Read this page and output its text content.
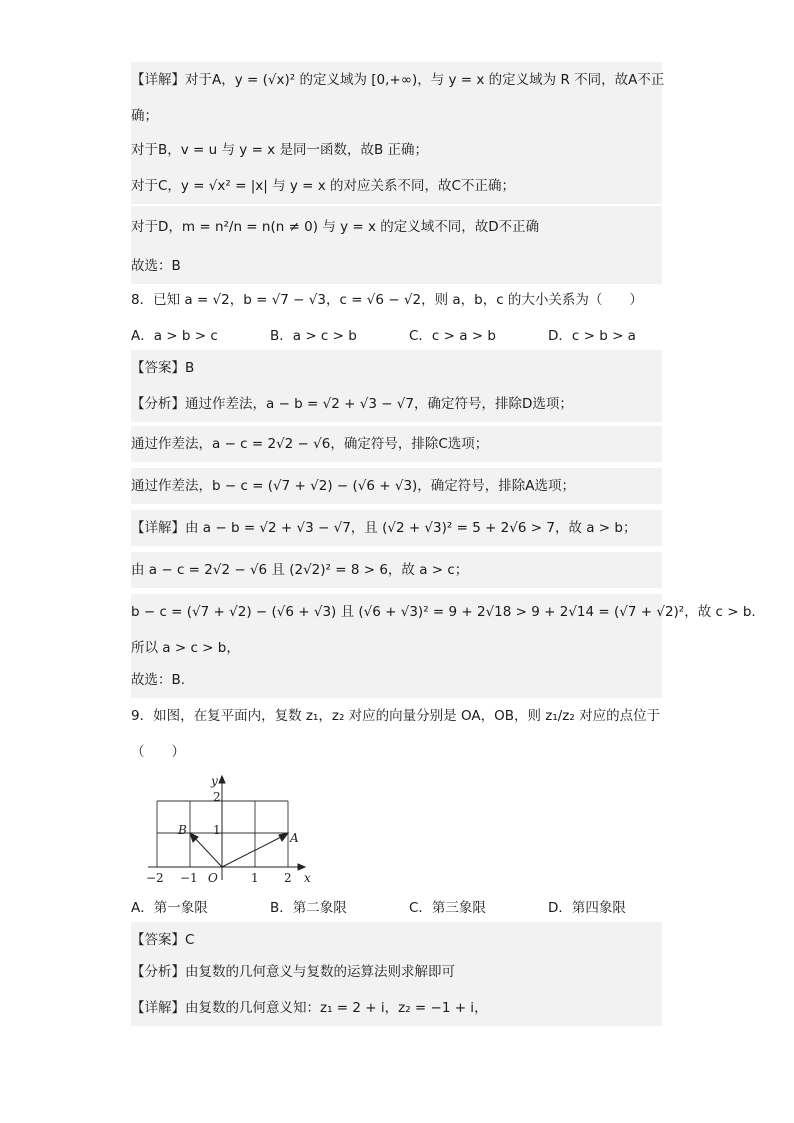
【详解】对于A，y = (√x)² 的定义域为 [0,+∞)，与 y = x 的定义域为 R 不同，故A不正
确；
对于B，v = u 与 y = x 是同一函数，故B 正确；
对于C，y = √x² = |x| 与 y = x 的对应关系不同，故C不正确；
对于D，m = n²/n = n(n ≠ 0) 与 y = x 的定义域不同，故D不正确
故选：B
8．已知 a = √2，b = √7 − √3，c = √6 − √2，则 a，b，c 的大小关系为（　　）
A．a > b > c	B．a > c > b	C．c > a > b	D．c > b > a
【答案】B
【分析】通过作差法，a − b = √2 + √3 − √7，确定符号，排除D选项；
通过作差法，a − c = 2√2 − √6，确定符号，排除C选项；
通过作差法，b − c = (√7 + √2) − (√6 + √3)，确定符号，排除A选项；
【详解】由 a − b = √2 + √3 − √7，且 (√2 + √3)² = 5 + 2√6 > 7，故 a > b；
由 a − c = 2√2 − √6 且 (2√2)² = 8 > 6，故 a > c；
b − c = (√7 + √2) − (√6 + √3) 且 (√6 + √3)² = 9 + 2√18 > 9 + 2√14 = (√7 + √2)²，故 c > b.
所以 a > c > b，
故选：B.
9．如图，在复平面内，复数 z₁，z₂ 对应的向量分别是 OA，OB，则 z₁/z₂ 对应的点位于
（　　）
y
2
1
B
A
O
−2 −1	1 2 x
A．第一象限	B．第二象限	C．第三象限	D．第四象限
【答案】C
【分析】由复数的几何意义与复数的运算法则求解即可
【详解】由复数的几何意义知：z₁ = 2 + i，z₂ = −1 + i，
